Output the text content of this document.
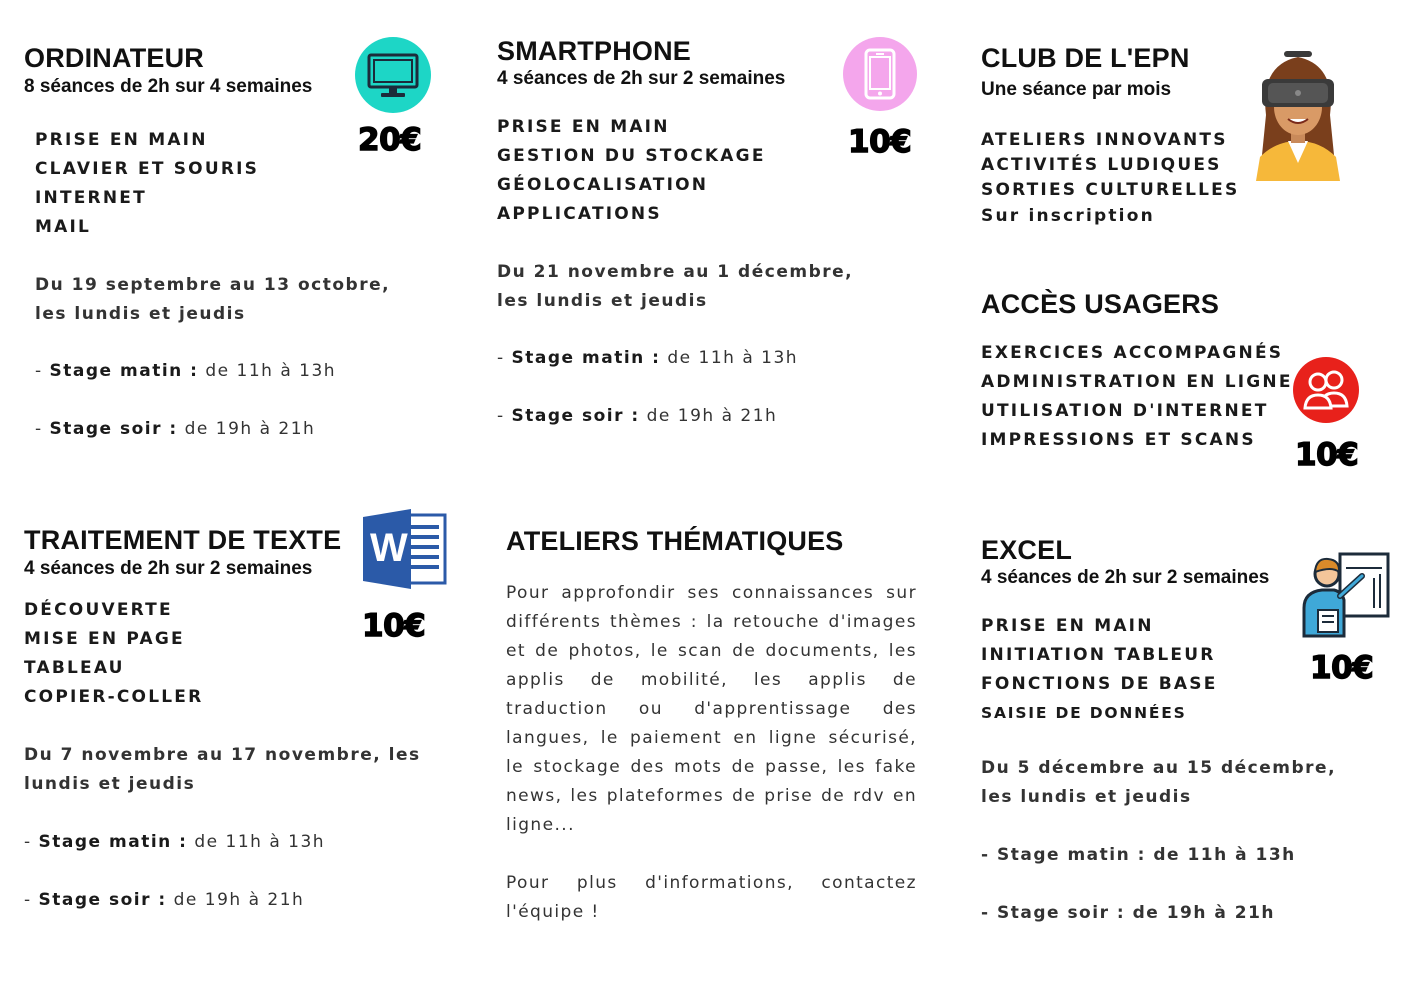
ORDINATEUR
8 séances de 2h sur 4 semaines
20€
PRISE EN MAIN
CLAVIER ET SOURIS
INTERNET
MAIL
Du 19 septembre au 13 octobre, les lundis et jeudis
- Stage matin : de 11h à 13h
- Stage soir : de 19h à 21h
SMARTPHONE
4 séances de 2h sur 2 semaines
10€
PRISE EN MAIN
GESTION DU STOCKAGE
GÉOLOCALISATION
APPLICATIONS
Du 21 novembre au 1 décembre, les lundis et jeudis
- Stage matin : de 11h à 13h
- Stage soir : de 19h à 21h
CLUB DE L'EPN
Une séance par mois
ATELIERS INNOVANTS
ACTIVITÉS LUDIQUES
SORTIES CULTURELLES
Sur inscription
ACCÈS USAGERS
EXERCICES ACCOMPAGNÉS
ADMINISTRATION EN LIGNE
UTILISATION D'INTERNET
IMPRESSIONS ET SCANS	10€
TRAITEMENT DE TEXTE
4 séances de 2h sur 2 semaines W
10€
DÉCOUVERTE
MISE EN PAGE
TABLEAU
COPIER-COLLER
Du 7 novembre au 17 novembre, les lundis et jeudis
- Stage matin : de 11h à 13h
- Stage soir : de 19h à 21h
ATELIERS THÉMATIQUES
Pour approfondir ses connaissances sur différents thèmes : la retouche d'images et de photos, le scan de documents, les applis de mobilité, les applis de traduction ou d'apprentissage des langues, le paiement en ligne sécurisé, le stockage des mots de passe, les fake news, les plateformes de prise de rdv en ligne...
Pour plus d'informations, contactez l'équipe !
EXCEL
4 séances de 2h sur 2 semaines
10€
PRISE EN MAIN
INITIATION TABLEUR
FONCTIONS DE BASE
SAISIE DE DONNÉES
Du 5 décembre au 15 décembre, les lundis et jeudis
- Stage matin : de 11h à 13h
- Stage soir : de 19h à 21h
